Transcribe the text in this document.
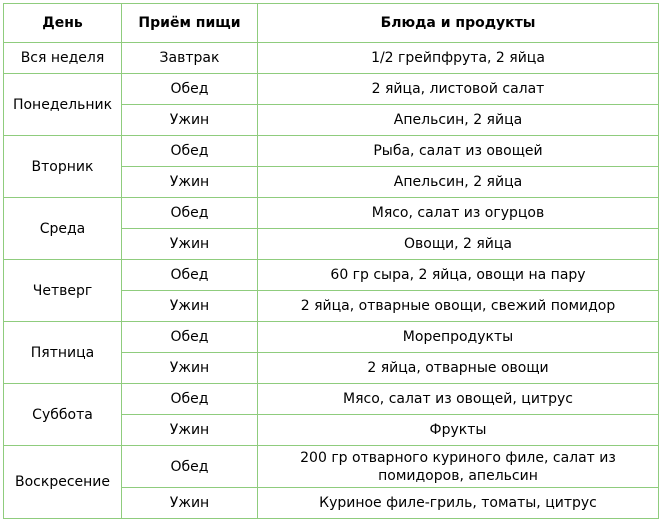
День	Приём пищи	Блюда и продукты
Вся неделя	Завтрак	1/2 грейпфрута, 2 яйца
Понедельник	Обед	2 яйца, листовой салат
	Ужин	Апельсин, 2 яйца
Вторник	Обед	Рыба, салат из овощей
	Ужин	Апельсин, 2 яйца
Среда	Обед	Мясо, салат из огурцов
	Ужин	Овощи, 2 яйца
Четверг	Обед	60 гр сыра, 2 яйца, овощи на пару
	Ужин	2 яйца, отварные овощи, свежий помидор
Пятница	Обед	Морепродукты
	Ужин	2 яйца, отварные овощи
Суббота	Обед	Мясо, салат из овощей, цитрус
	Ужин	Фрукты
Воскресение	Обед	200 гр отварного куриного филе, салат из помидоров, апельсин
	Ужин	Куриное филе-гриль, томаты, цитрус
